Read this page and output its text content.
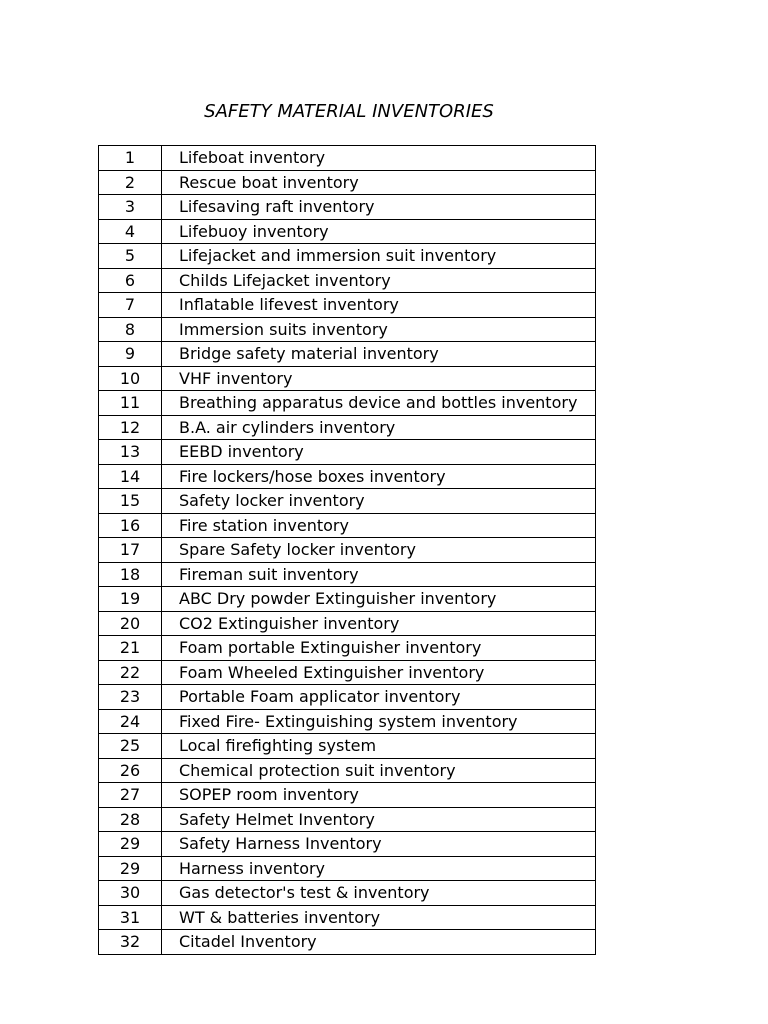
SAFETY MATERIAL INVENTORIES
1	Lifeboat inventory
2	Rescue boat inventory
3	Lifesaving raft inventory
4	Lifebuoy inventory
5	Lifejacket and immersion suit inventory
6	Childs Lifejacket inventory
7	Inflatable lifevest inventory
8	Immersion suits inventory
9	Bridge safety material inventory
10	VHF inventory
11	Breathing apparatus device and bottles inventory
12	B.A. air cylinders inventory
13	EEBD inventory
14	Fire lockers/hose boxes inventory
15	Safety locker inventory
16	Fire station inventory
17	Spare Safety locker inventory
18	Fireman suit inventory
19	ABC Dry powder Extinguisher inventory
20	CO2 Extinguisher inventory
21	Foam portable Extinguisher inventory
22	Foam Wheeled Extinguisher inventory
23	Portable Foam applicator inventory
24	Fixed Fire- Extinguishing system inventory
25	Local firefighting system
26	Chemical protection suit inventory
27	SOPEP room inventory
28	Safety Helmet Inventory
29	Safety Harness Inventory
29	Harness inventory
30	Gas detector's test & inventory
31	WT & batteries inventory
32	Citadel Inventory
